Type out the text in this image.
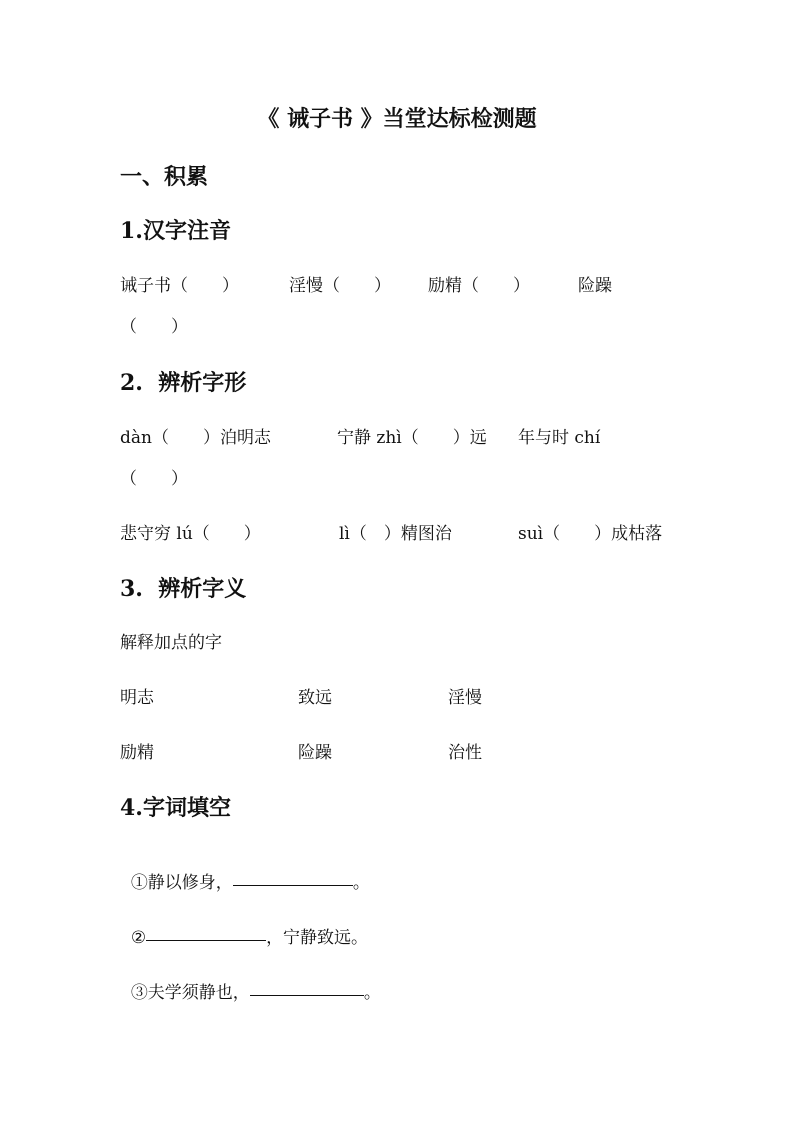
《 诫子书 》当堂达标检测题
一、积累
1.汉字注音
诫子书（　　）	淫慢（　　） 励精（　　）	险躁
（　　）
2.  辨析字形
dàn（　　）泊明志	宁静 zhì（　　）远 年与时 chí
（　　）
悲守穷 lú（　　）	lì（　）精图治	suì（　　）成枯落
3.  辨析字义
解释加点的字
明志	致远	淫慢
励精	险躁	治性
4.字词填空

①静以修身，	。

②	，宁静致远。

③夫学须静也，	。
